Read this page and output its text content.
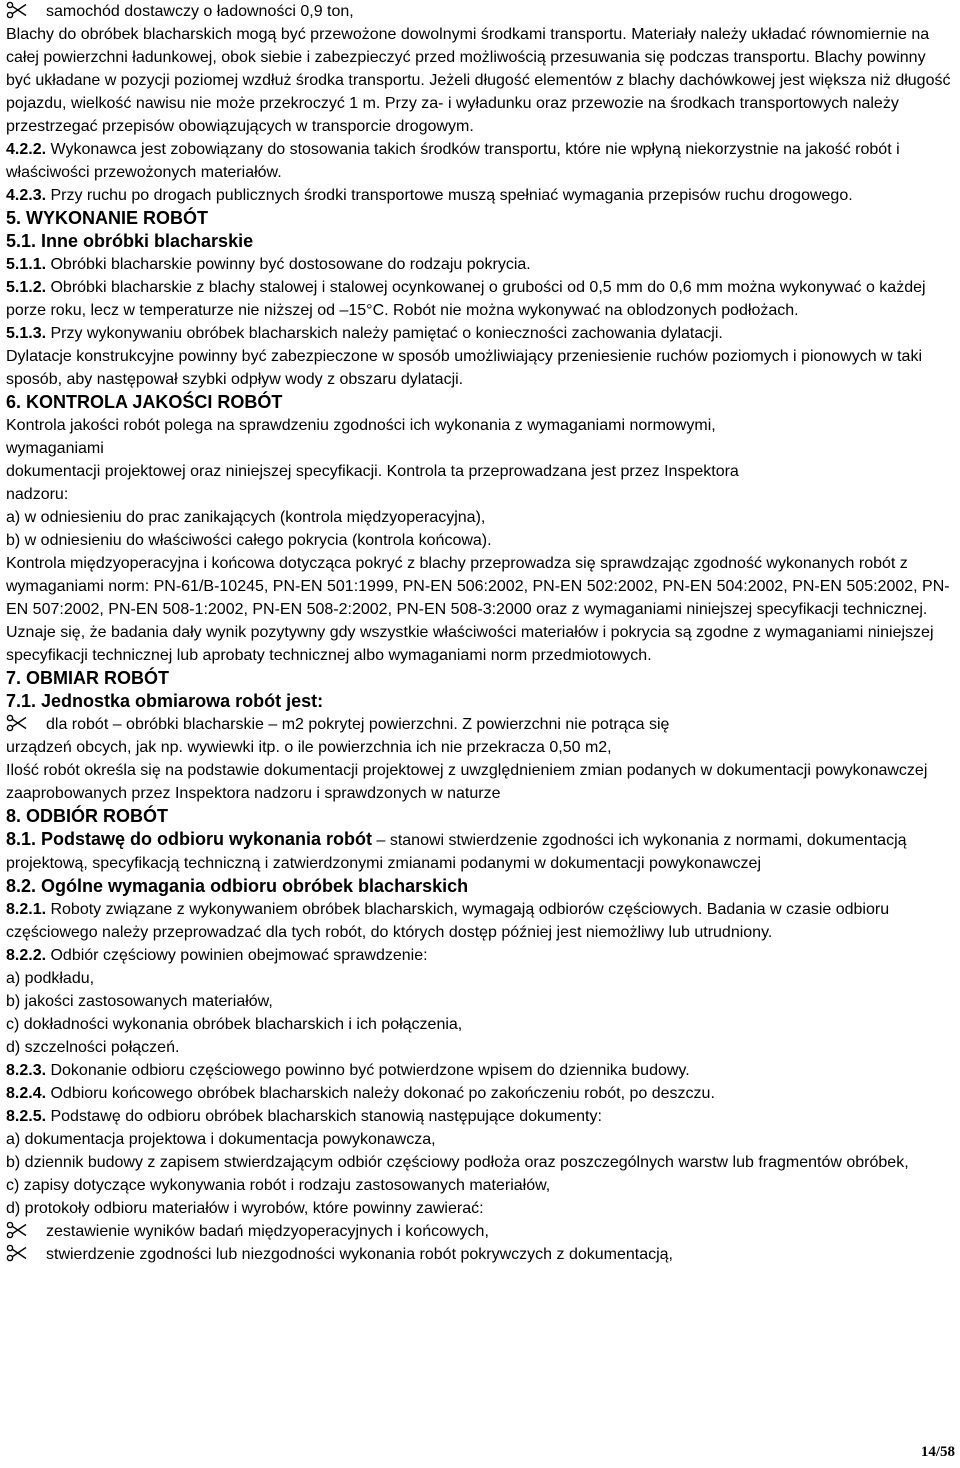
samochód dostawczy o ładowności 0,9 ton,

Blachy do obróbek blacharskich mogą być przewożone dowolnymi środkami transportu. Materiały należy układać równomiernie na całej powierzchni ładunkowej, obok siebie i zabezpieczyć przed możliwością przesuwania się podczas transportu. Blachy powinny być układane w pozycji poziomej wzdłuż środka transportu. Jeżeli długość elementów z blachy dachówkowej jest większa niż długość pojazdu, wielkość nawisu nie może przekroczyć 1 m. Przy za- i wyładunku oraz przewozie na środkach transportowych należy przestrzegać przepisów obowiązujących w transporcie drogowym.

4.2.2. Wykonawca jest zobowiązany do stosowania takich środków transportu, które nie wpłyną niekorzystnie na jakość robót i właściwości przewożonych materiałów.

4.2.3. Przy ruchu po drogach publicznych środki transportowe muszą spełniać wymagania przepisów ruchu drogowego.

5. WYKONANIE ROBÓT
5.1. Inne obróbki blacharskie

5.1.1. Obróbki blacharskie powinny być dostosowane do rodzaju pokrycia.

5.1.2. Obróbki blacharskie z blachy stalowej i stalowej ocynkowanej o grubości od 0,5 mm do 0,6 mm można wykonywać o każdej porze roku, lecz w temperaturze nie niższej od –15°C. Robót nie można wykonywać na oblodzonych podłożach.

5.1.3. Przy wykonywaniu obróbek blacharskich należy pamiętać o konieczności zachowania dylatacji.

Dylatacje konstrukcyjne powinny być zabezpieczone w sposób umożliwiający przeniesienie ruchów poziomych i pionowych w taki sposób, aby następował szybki odpływ wody z obszaru dylatacji.

6. KONTROLA JAKOŚCI ROBÓT

Kontrola jakości robót polega na sprawdzeniu zgodności ich wykonania z wymaganiami normowymi,

wymaganiami

dokumentacji projektowej oraz niniejszej specyfikacji. Kontrola ta przeprowadzana jest przez Inspektora

nadzoru:

a) w odniesieniu do prac zanikających (kontrola międzyoperacyjna),

b) w odniesieniu do właściwości całego pokrycia (kontrola końcowa).

Kontrola międzyoperacyjna i końcowa dotycząca pokryć z blachy przeprowadza się sprawdzając zgodność wykonanych robót z wymaganiami norm: PN-61/B-10245, PN-EN 501:1999, PN-EN 506:2002, PN-EN 502:2002, PN-EN 504:2002, PN-EN 505:2002, PN-EN 507:2002, PN-EN 508-1:2002, PN-EN 508-2:2002, PN-EN 508-3:2000 oraz z wymaganiami niniejszej specyfikacji technicznej.

Uznaje się, że badania dały wynik pozytywny gdy wszystkie właściwości materiałów i pokrycia są zgodne z wymaganiami niniejszej specyfikacji technicznej lub aprobaty technicznej albo wymaganiami norm przedmiotowych.

7. OBMIAR ROBÓT
7.1. Jednostka obmiarowa robót jest:
dla robót – obróbki blacharskie – m2 pokrytej powierzchni. Z powierzchni nie potrąca się

urządzeń obcych, jak np. wywiewki itp. o ile powierzchnia ich nie przekracza 0,50 m2,

Ilość robót określa się na podstawie dokumentacji projektowej z uwzględnieniem zmian podanych w dokumentacji powykonawczej zaaprobowanych przez Inspektora nadzoru i sprawdzonych w naturze

8. ODBIÓR ROBÓT

8.1. Podstawę do odbioru wykonania robót – stanowi stwierdzenie zgodności ich wykonania z normami, dokumentacją projektową, specyfikacją techniczną i zatwierdzonymi zmianami podanymi w dokumentacji powykonawczej

8.2. Ogólne wymagania odbioru obróbek blacharskich

8.2.1. Roboty związane z wykonywaniem obróbek blacharskich, wymagają odbiorów częściowych. Badania w czasie odbioru częściowego należy przeprowadzać dla tych robót, do których dostęp później jest niemożliwy lub utrudniony.

8.2.2. Odbiór częściowy powinien obejmować sprawdzenie:

a) podkładu,

b) jakości zastosowanych materiałów,

c) dokładności wykonania obróbek blacharskich i ich połączenia,

d) szczelności połączeń.

8.2.3. Dokonanie odbioru częściowego powinno być potwierdzone wpisem do dziennika budowy.

8.2.4. Odbioru końcowego obróbek blacharskich należy dokonać po zakończeniu robót, po deszczu.

8.2.5. Podstawę do odbioru obróbek blacharskich stanowią następujące dokumenty:

a) dokumentacja projektowa i dokumentacja powykonawcza,

b) dziennik budowy z zapisem stwierdzającym odbiór częściowy podłoża oraz poszczególnych warstw lub fragmentów obróbek,

c) zapisy dotyczące wykonywania robót i rodzaju zastosowanych materiałów,

d) protokoły odbioru materiałów i wyrobów, które powinny zawierać:

zestawienie wyników badań międzyoperacyjnych i końcowych,
stwierdzenie zgodności lub niezgodności wykonania robót pokrywczych z dokumentacją,
14/58
